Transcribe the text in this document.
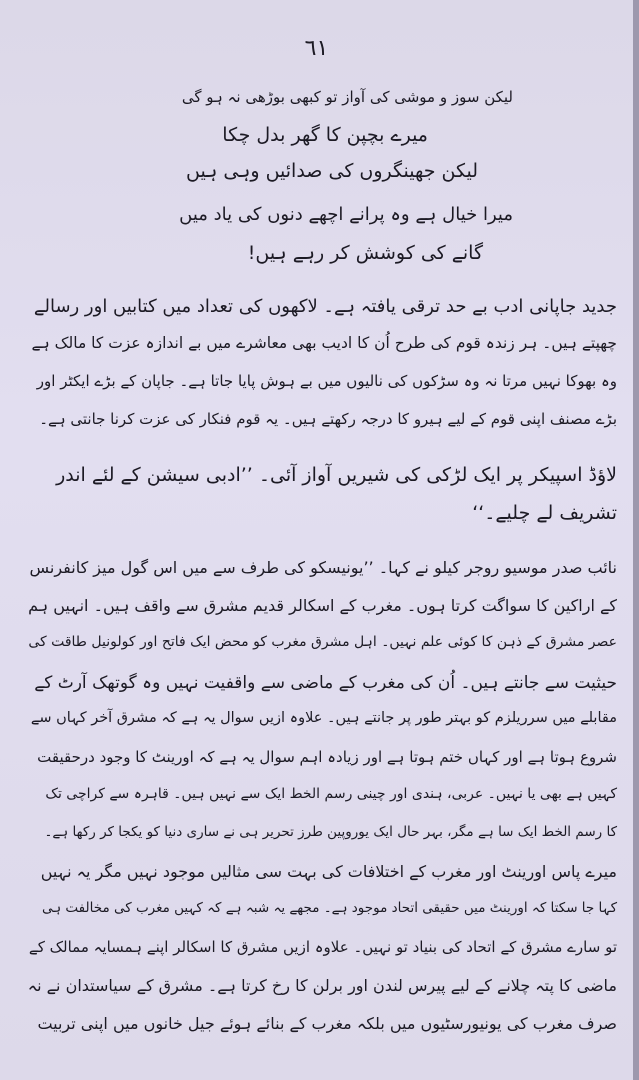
٦١
لیکن سوز و موشی کی آواز تو کبھی بوڑھی نہ ہو گی
میرے بچپن کا گھر بدل چکا
لیکن جھینگروں کی صدائیں وہی ہیں
میرا خیال ہے وہ پرانے اچھے دنوں کی یاد میں
گانے کی کوشش کر رہے ہیں!
جدید جاپانی ادب بے حد ترقی یافتہ ہے۔ لاکھوں کی تعداد میں کتابیں اور رسالے
چھپتے ہیں۔ ہر زندہ قوم کی طرح اُن کا ادیب بھی معاشرے میں بے اندازہ عزت کا مالک ہے
وہ بھوکا نہیں مرتا نہ وہ سڑکوں کی نالیوں میں بے ہوش پایا جاتا ہے۔ جاپان کے بڑے ایکٹر اور
بڑے مصنف اپنی قوم کے لیے ہیرو کا درجہ رکھتے ہیں۔ یہ قوم فنکار کی عزت کرنا جانتی ہے۔
لاؤڈ اسپیکر پر ایک لڑکی کی شیریں آواز آئی۔ ’’ادبی سیشن کے لئے اندر
تشریف لے چلیے۔‘‘
نائب صدر موسیو روجر کیلو نے کہا۔ ’’یونیسکو کی طرف سے میں اس گول میز کانفرنس
کے اراکین کا سواگت کرتا ہوں۔ مغرب کے اسکالر قدیم مشرق سے واقف ہیں۔ انہیں ہم
عصر مشرق کے ذہن کا کوئی علم نہیں۔ اہل مشرق مغرب کو محض ایک فاتح اور کولونیل طاقت کی
حیثیت سے جانتے ہیں۔ اُن کی مغرب کے ماضی سے واقفیت نہیں وہ گوتھک آرٹ کے
مقابلے میں سرریلزم کو بہتر طور پر جانتے ہیں۔ علاوہ ازیں سوال یہ ہے کہ مشرق آخر کہاں سے
شروع ہوتا ہے اور کہاں ختم ہوتا ہے اور زیادہ اہم سوال یہ ہے کہ اورینٹ کا وجود درحقیقت
کہیں ہے بھی یا نہیں۔ عربی، ہندی اور چینی رسم الخط ایک سے نہیں ہیں۔ قاہرہ سے کراچی تک
کا رسم الخط ایک سا ہے مگر، بہر حال ایک یوروپین طرز تحریر ہی نے ساری دنیا کو یکجا کر رکھا ہے۔
میرے پاس اورینٹ اور مغرب کے اختلافات کی بہت سی مثالیں موجود نہیں مگر یہ نہیں
کہا جا سکتا کہ اورینٹ میں حقیقی اتحاد موجود ہے۔ مجھے یہ شبہ ہے کہ کہیں مغرب کی مخالفت ہی
تو سارے مشرق کے اتحاد کی بنیاد تو نہیں۔ علاوہ ازیں مشرق کا اسکالر اپنے ہمسایہ ممالک کے
ماضی کا پتہ چلانے کے لیے پیرس لندن اور برلن کا رخ کرتا ہے۔ مشرق کے سیاستدان نے نہ
صرف مغرب کی یونیورسٹیوں میں بلکہ مغرب کے بنائے ہوئے جیل خانوں میں اپنی تربیت
